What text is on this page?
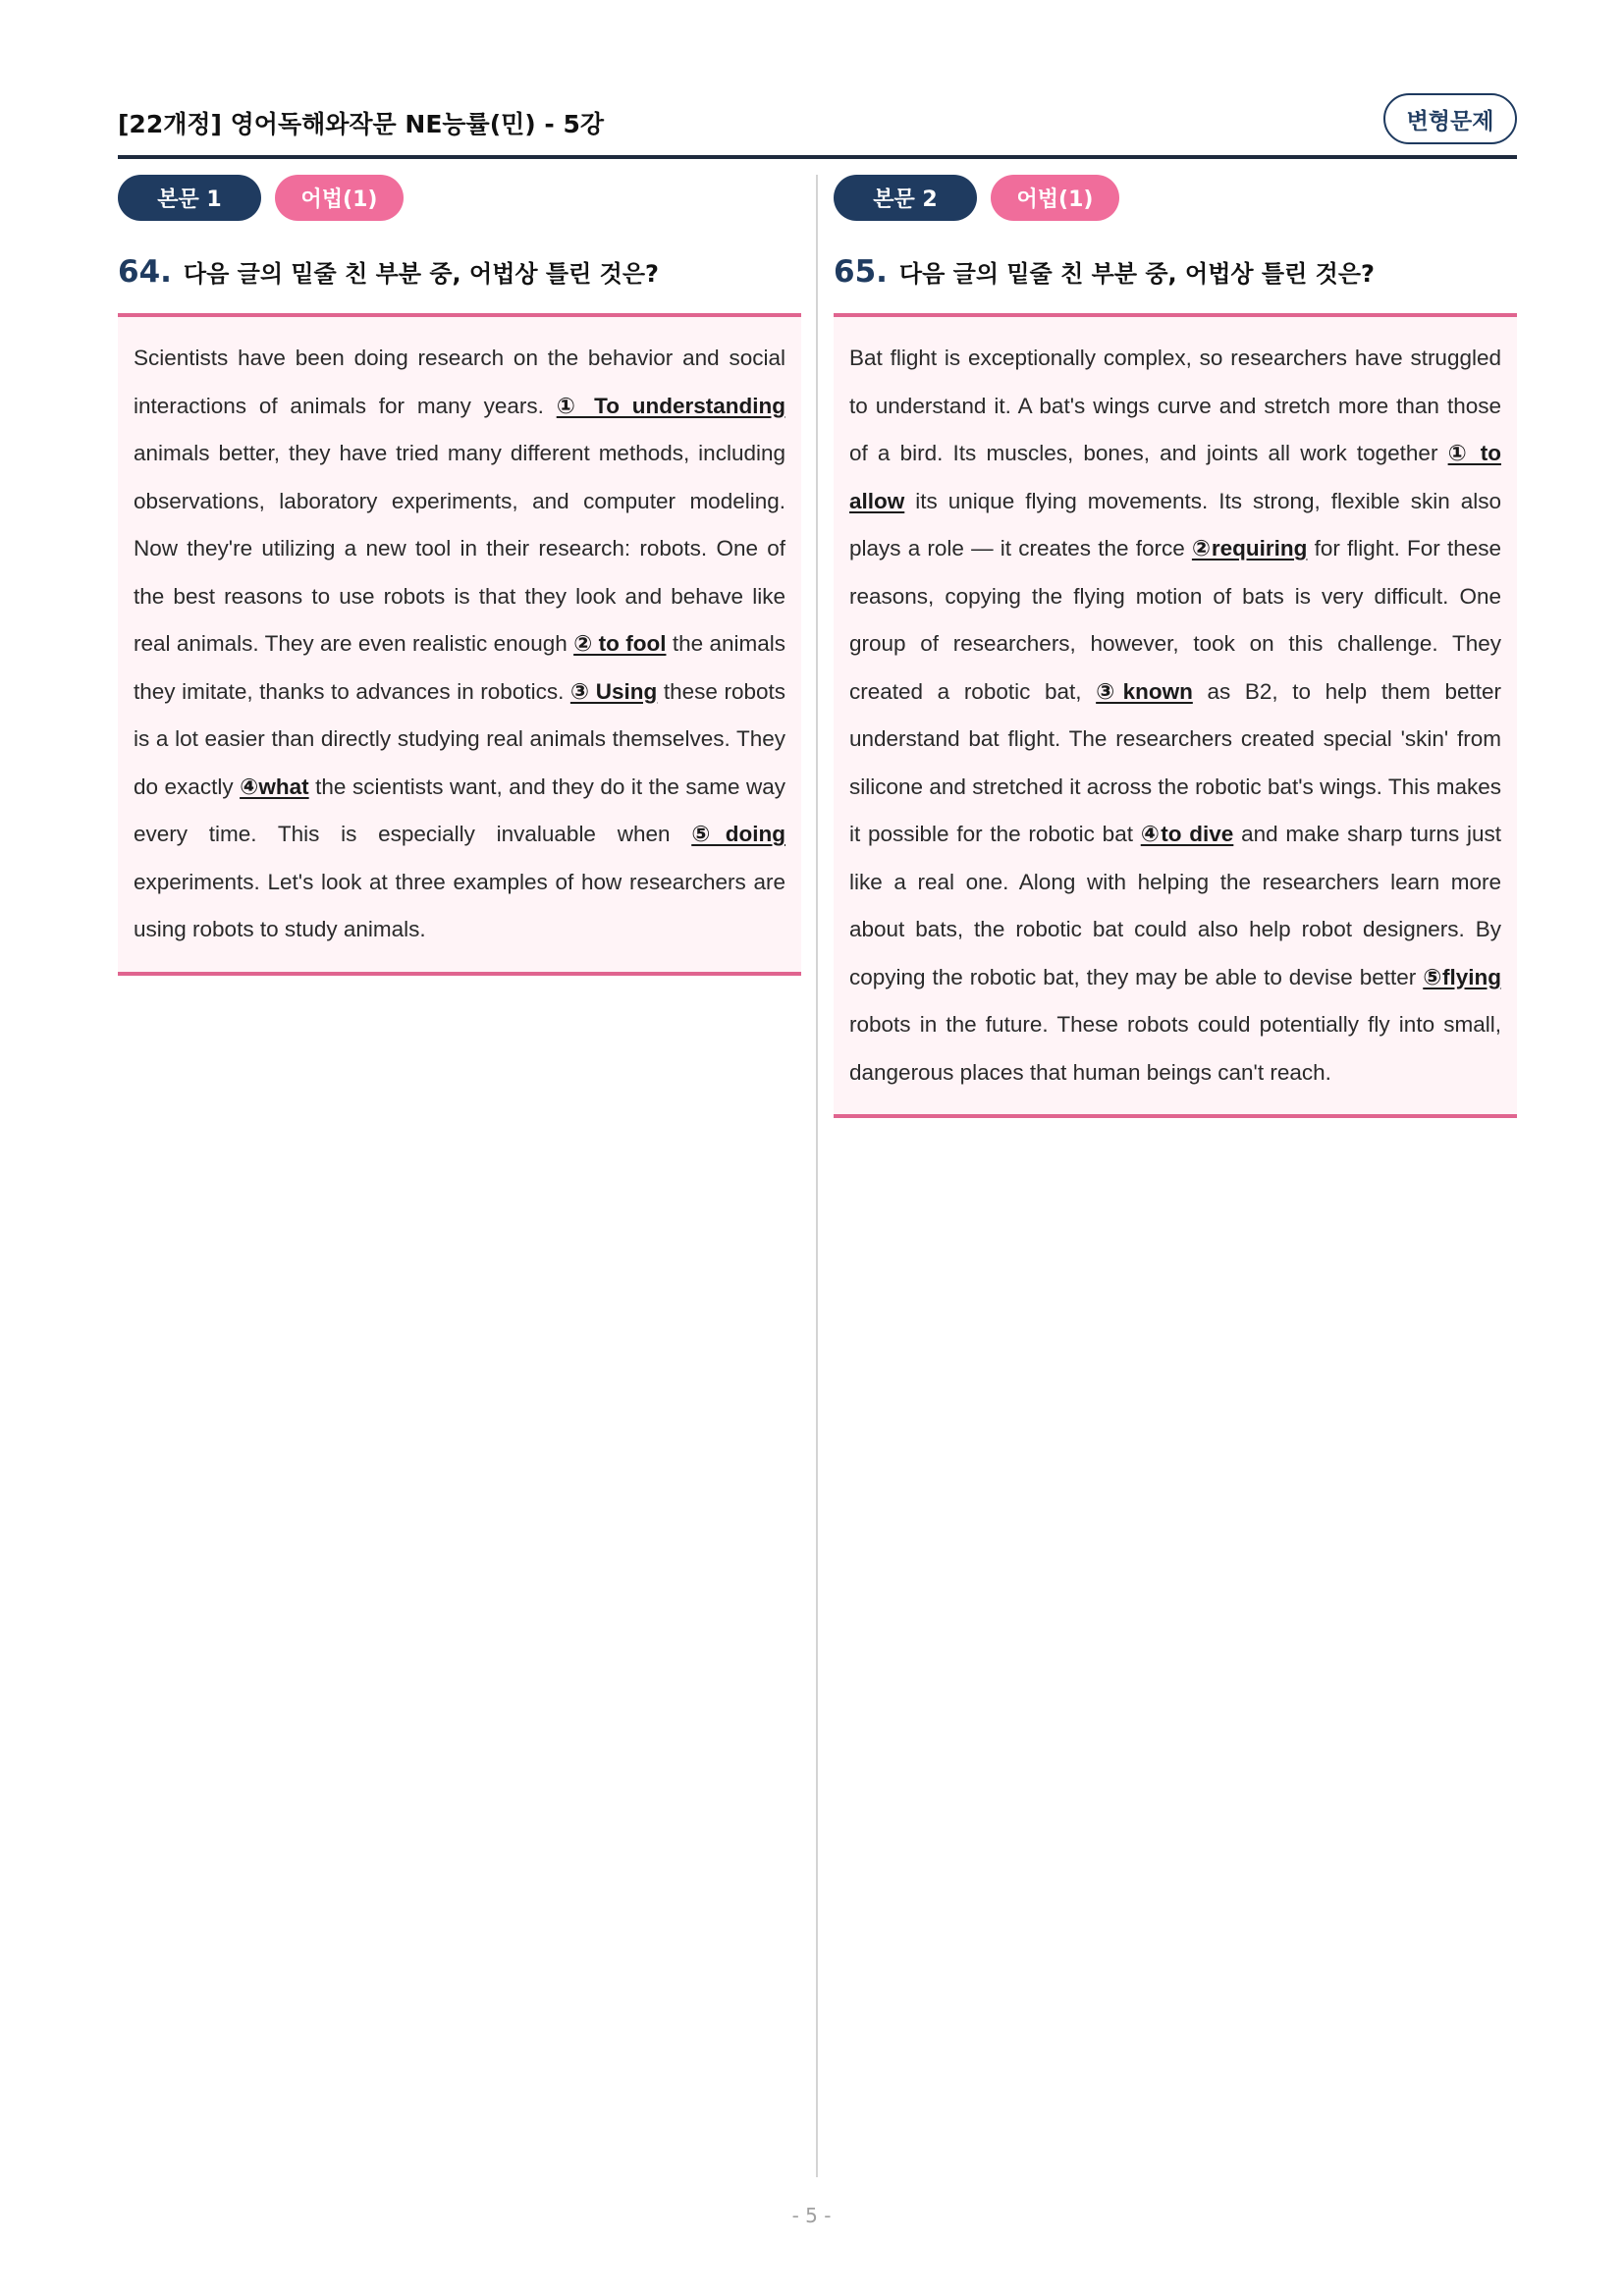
[22개정] 영어독해와작문 NE능률(민) - 5강	변형문제
본문 1	어법(1)
64. 다음 글의 밑줄 친 부분 중, 어법상 틀린 것은?
Scientists have been doing research on the behavior and social interactions of animals for many years. ① To understanding animals better, they have tried many different methods, including observations, laboratory experiments, and computer modeling. Now they're utilizing a new tool in their research: robots. One of the best reasons to use robots is that they look and behave like real animals. They are even realistic enough ② to fool the animals they imitate, thanks to advances in robotics. ③ Using these robots is a lot easier than directly studying real animals themselves. They do exactly ④what the scientists want, and they do it the same way every time. This is especially invaluable when ⑤doing experiments. Let's look at three examples of how researchers are using robots to study animals.
본문 2	어법(1)
65. 다음 글의 밑줄 친 부분 중, 어법상 틀린 것은?
Bat flight is exceptionally complex, so researchers have struggled to understand it. A bat's wings curve and stretch more than those of a bird. Its muscles, bones, and joints all work together ① to allow its unique flying movements. Its strong, flexible skin also plays a role — it creates the force ②requiring for flight. For these reasons, copying the flying motion of bats is very difficult. One group of researchers, however, took on this challenge. They created a robotic bat, ③known as B2, to help them better understand bat flight. The researchers created special 'skin' from silicone and stretched it across the robotic bat's wings. This makes it possible for the robotic bat ④to dive and make sharp turns just like a real one. Along with helping the researchers learn more about bats, the robotic bat could also help robot designers. By copying the robotic bat, they may be able to devise better ⑤flying robots in the future. These robots could potentially fly into small, dangerous places that human beings can't reach.
- 5 -
